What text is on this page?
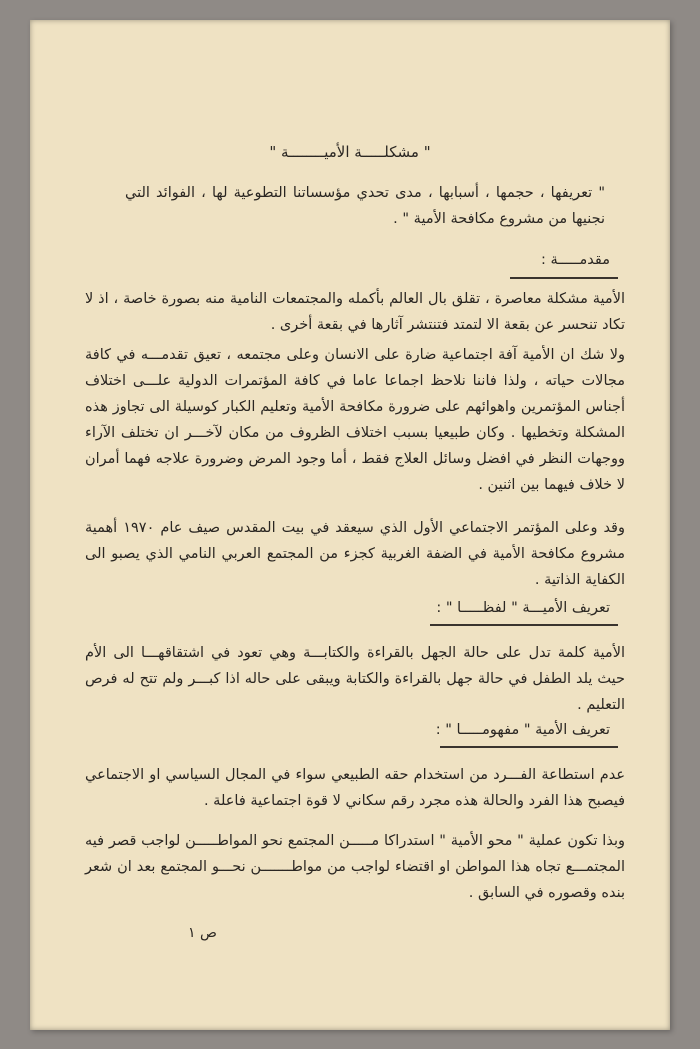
" مشكلـــــة الأميــــــــة "
" تعريفها ، حجمها ، أسبابها ، مدى تحدي مؤسساتنا التطوعية لها ، الفوائد التي نجنيها من مشروع مكافحة الأمية " .
مقدمـــــة :
الأمية مشكلة معاصرة ، تقلق بال العالم بأكمله والمجتمعات النامية منه بصورة خاصة ، اذ لا تكاد تنحسر عن بقعة الا لتمتد فتنتشر آثارها في بقعة أخرى .
ولا شك ان الأمية آفة اجتماعية ضارة على الانسان وعلى مجتمعه ، تعيق تقدمـــه في كافة مجالات حياته ، ولذا فاننا نلاحظ اجماعا عاما في كافة المؤتمرات الدولية علـــى اختلاف أجناس المؤتمرين واهوائهم على ضرورة مكافحة الأمية وتعليم الكبار كوسيلة الى تجاوز هذه المشكلة وتخطيها . وكان طبيعيا بسبب اختلاف الظروف من مكان لآخـــر ان تختلف الآراء ووجهات النظر في افضل وسائل العلاج فقط ، أما وجود المرض وضرورة علاجه فهما أمران لا خلاف فيهما بين اثنين .
وقد وعلى المؤتمر الاجتماعي الأول الذي سيعقد في بيت المقدس صيف عام ١٩٧٠ أهمية مشروع مكافحة الأمية في الضفة الغربية كجزء من المجتمع العربي النامي الذي يصبو الى الكفاية الذاتية .
تعريف الأميـــة " لفظـــــا " :
الأمية كلمة تدل على حالة الجهل بالقراءة والكتابـــة وهي تعود في اشتقاقهـــا الى الأم حيث يلد الطفل في حالة جهل بالقراءة والكتابة ويبقى على حاله اذا كبـــر ولم تتح له فرص التعليم .
تعريف الأمية " مفهومـــــا " :
عدم استطاعة الفـــرد من استخدام حقه الطبيعي سواء في المجال السياسي او الاجتماعي فيصبح هذا الفرد والحالة هذه مجرد رقم سكاني لا قوة اجتماعية فاعلة .
وبذا تكون عملية " محو الأمية " استدراكا مـــــن المجتمع نحو المواطـــــن لواجب قصر فيه المجتمـــع تجاه هذا المواطن او اقتضاء لواجب من مواطـــــــن نحـــو المجتمع بعد ان شعر بنده وقصوره في السابق .
ص ١
